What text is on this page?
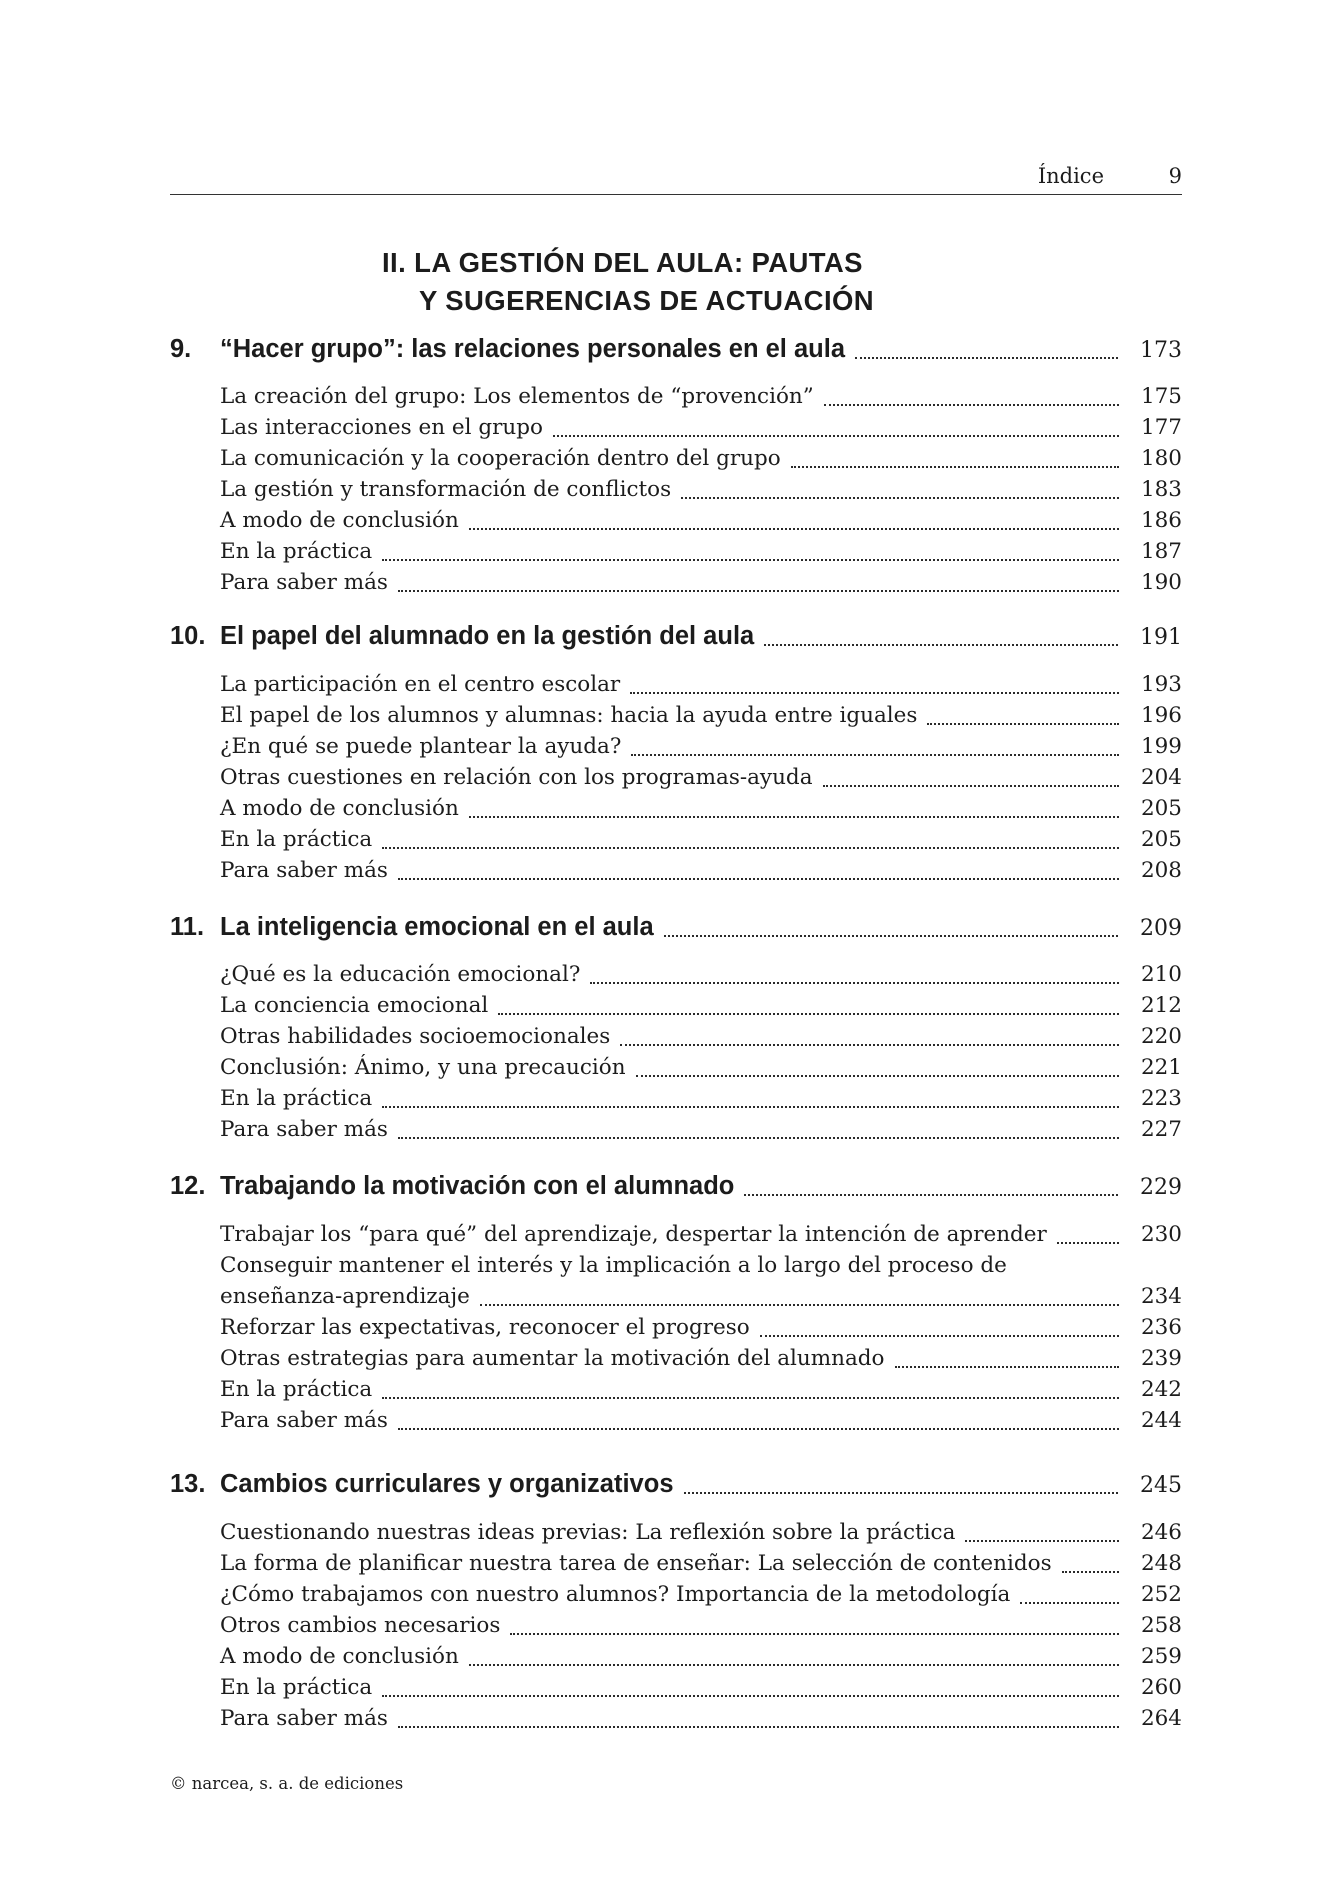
Índice	9
II. LA GESTIÓN DEL AULA: PAUTAS
Y SUGERENCIAS DE ACTUACIÓN
9. “Hacer grupo”: las relaciones personales en el aula	173
La creación del grupo: Los elementos de “provención”	175
Las interacciones en el grupo	177
La comunicación y la cooperación dentro del grupo	180
La gestión y transformación de conflictos	183
A modo de conclusión	186
En la práctica	187
Para saber más	190
10. El papel del alumnado en la gestión del aula	191
La participación en el centro escolar	193
El papel de los alumnos y alumnas: hacia la ayuda entre iguales	196
¿En qué se puede plantear la ayuda?	199
Otras cuestiones en relación con los programas-ayuda	204
A modo de conclusión	205
En la práctica	205
Para saber más	208
11. La inteligencia emocional en el aula	209
¿Qué es la educación emocional?	210
La conciencia emocional	212
Otras habilidades socioemocionales	220
Conclusión: Ánimo, y una precaución	221
En la práctica	223
Para saber más	227
12. Trabajando la motivación con el alumnado	229
Trabajar los “para qué” del aprendizaje, despertar la intención de aprender	230
Conseguir mantener el interés y la implicación a lo largo del proceso de
enseñanza-aprendizaje	234
Reforzar las expectativas, reconocer el progreso	236
Otras estrategias para aumentar la motivación del alumnado	239
En la práctica	242
Para saber más	244
13. Cambios curriculares y organizativos	245
Cuestionando nuestras ideas previas: La reflexión sobre la práctica	246
La forma de planificar nuestra tarea de enseñar: La selección de contenidos	248
¿Cómo trabajamos con nuestro alumnos? Importancia de la metodología	252
Otros cambios necesarios	258
A modo de conclusión	259
En la práctica	260
Para saber más	264
© narcea, s. a. de ediciones
